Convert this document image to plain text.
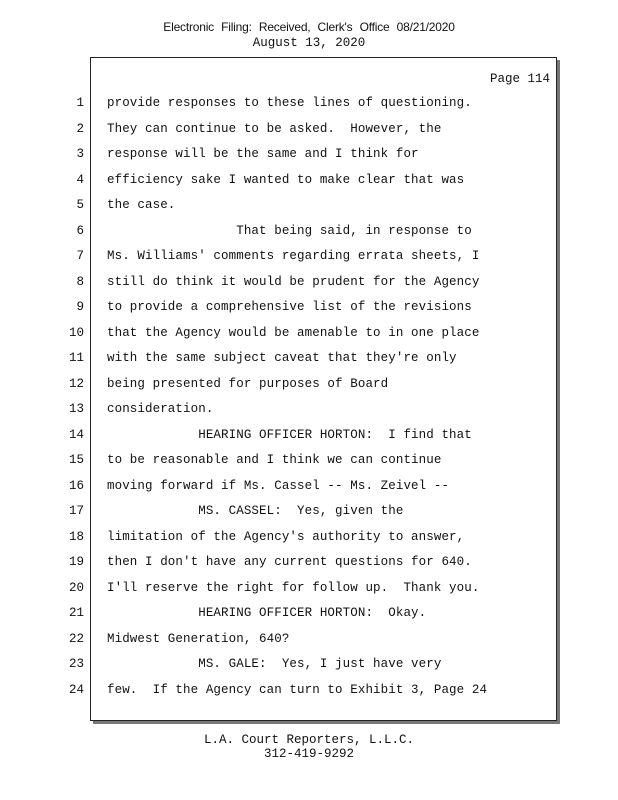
Electronic Filing: Received, Clerk's Office 08/21/2020
August 13, 2020
Page 114
1 provide responses to these lines of questioning.
2 They can continue to be asked.  However, the
3 response will be the same and I think for
4 efficiency sake I wanted to make clear that was
5 the case.
6 That being said, in response to
7 Ms. Williams' comments regarding errata sheets, I
8 still do think it would be prudent for the Agency
9 to provide a comprehensive list of the revisions
10 that the Agency would be amenable to in one place
11 with the same subject caveat that they're only
12 being presented for purposes of Board
13 consideration.
14 HEARING OFFICER HORTON:  I find that
15 to be reasonable and I think we can continue
16 moving forward if Ms. Cassel -- Ms. Zeivel --
17 MS. CASSEL:  Yes, given the
18 limitation of the Agency's authority to answer,
19 then I don't have any current questions for 640.
20 I'll reserve the right for follow up.  Thank you.
21 HEARING OFFICER HORTON:  Okay.
22 Midwest Generation, 640?
23 MS. GALE:  Yes, I just have very
24 few.  If the Agency can turn to Exhibit 3, Page 24
L.A. Court Reporters, L.L.C.
312-419-9292
